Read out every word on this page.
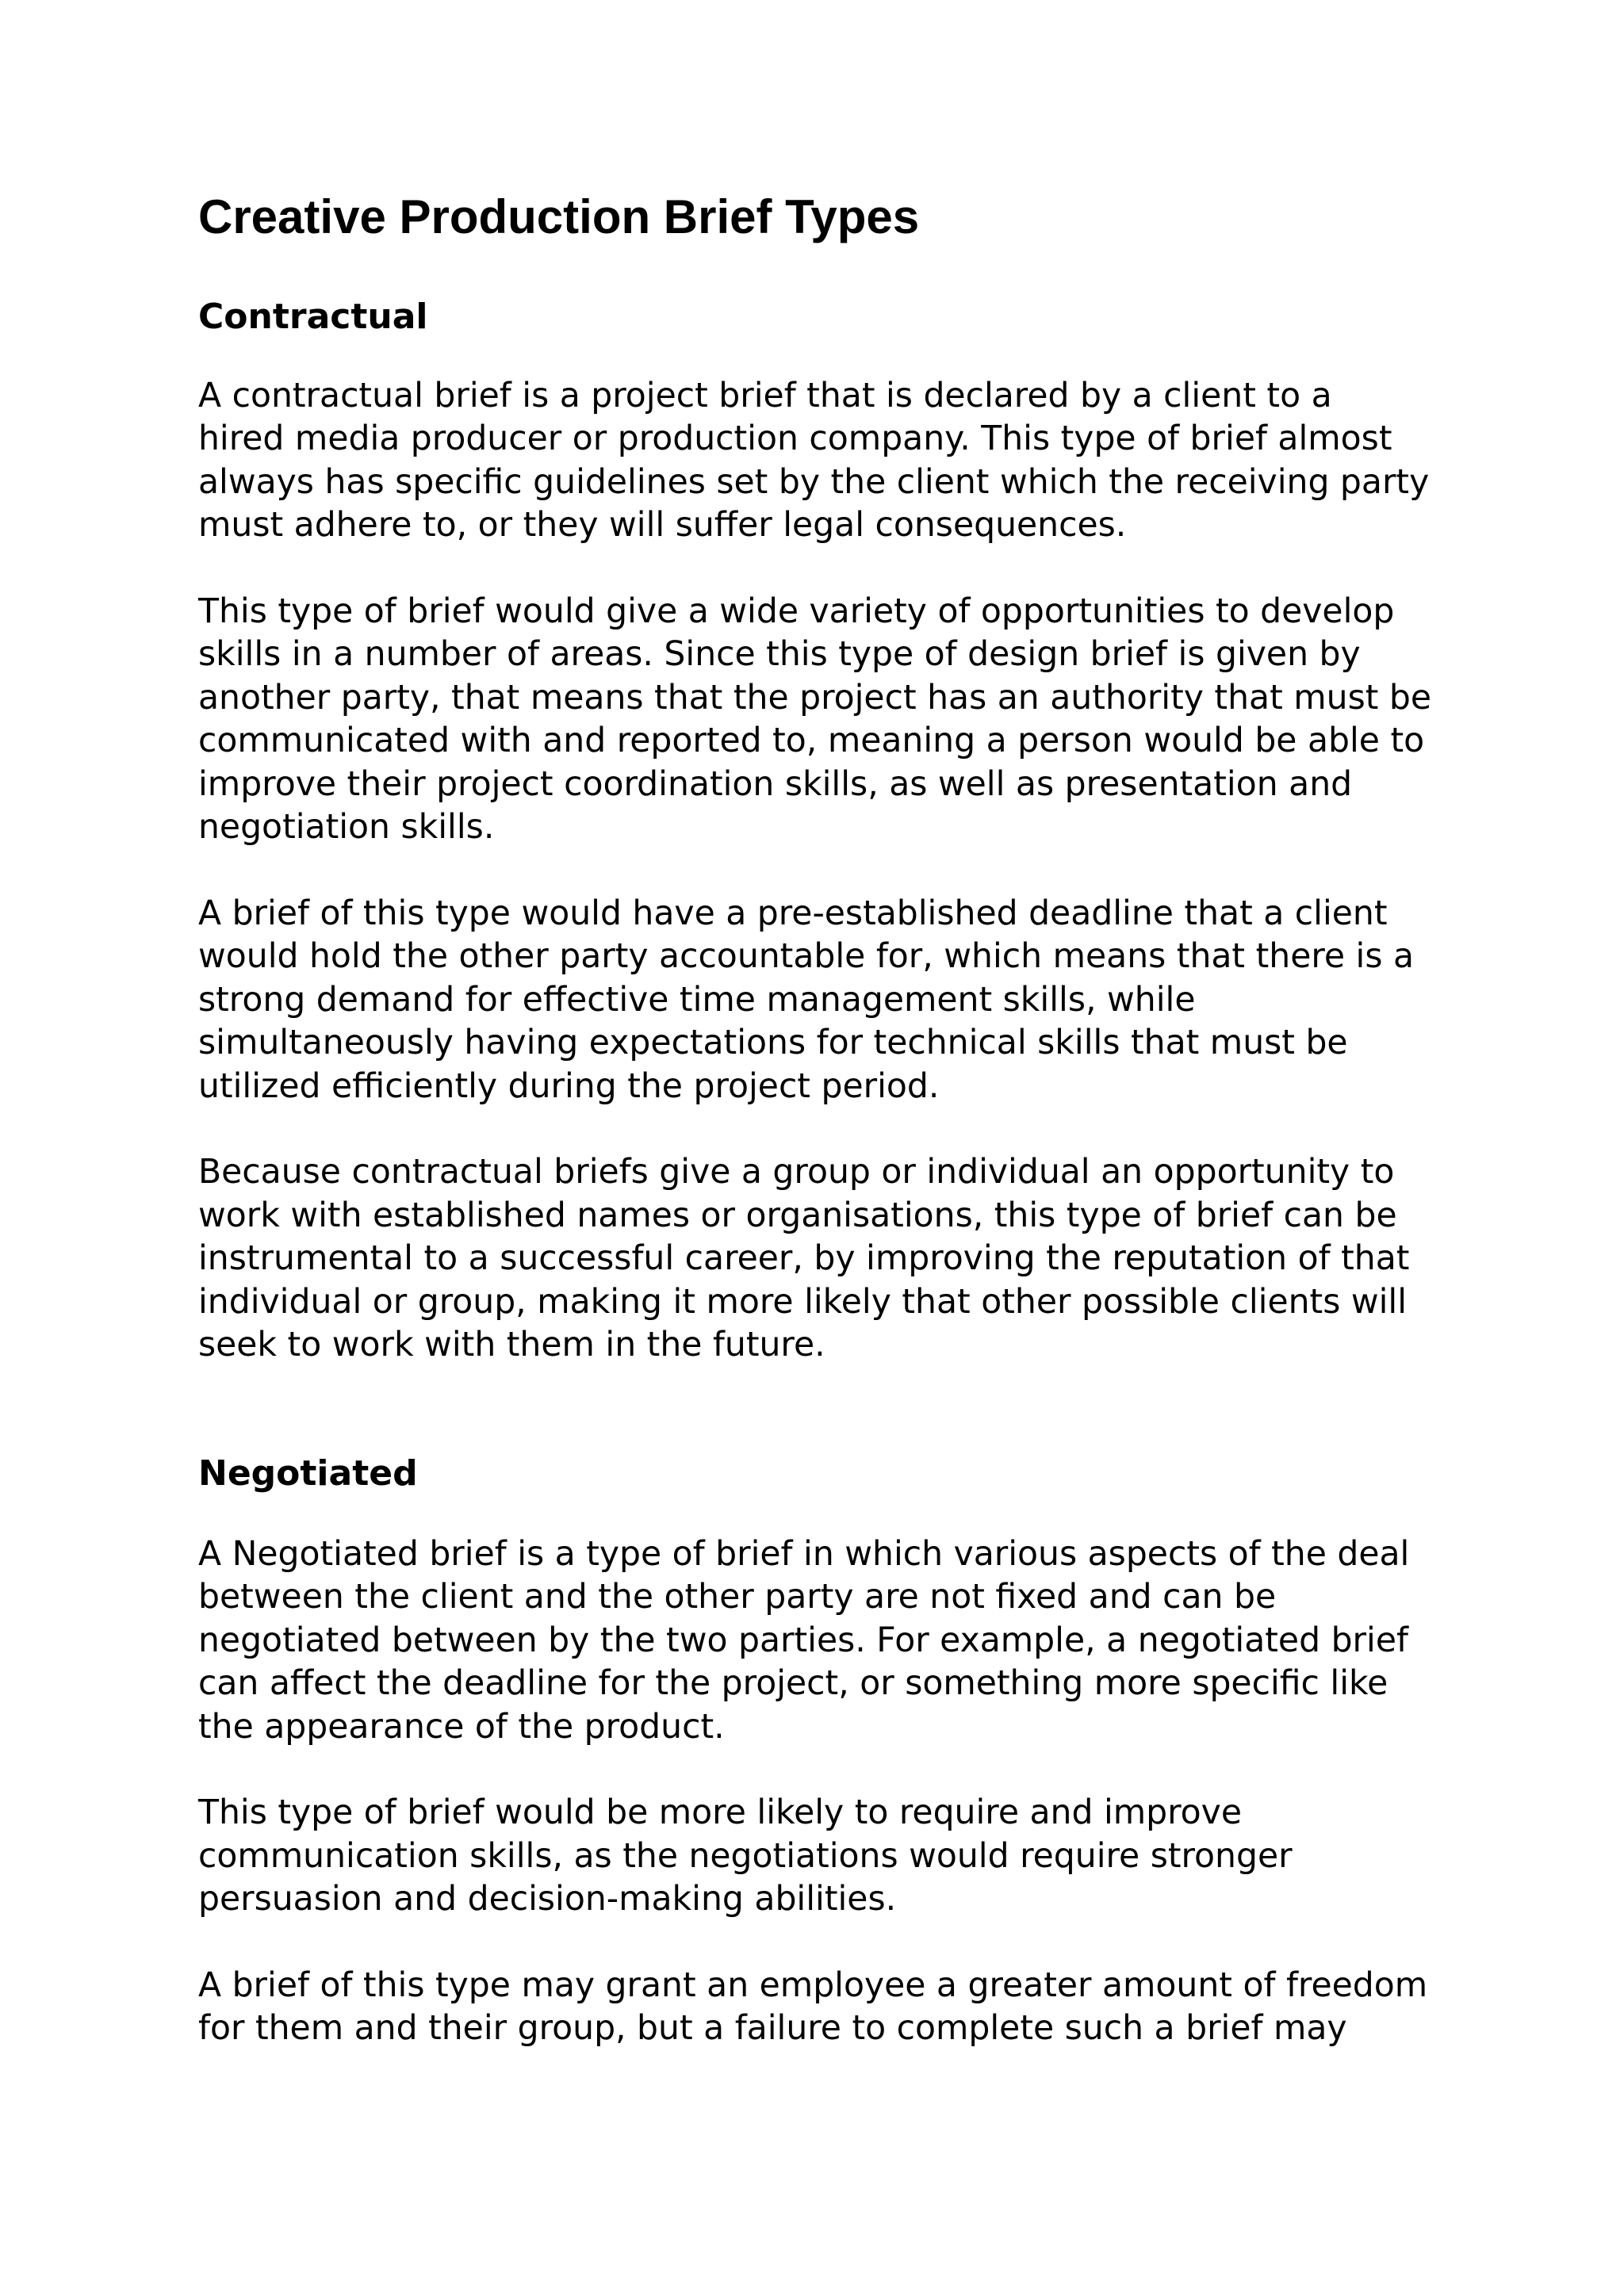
Creative Production Brief Types
Contractual

A contractual brief is a project brief that is declared by a client to a
hired media producer or production company. This type of brief almost
always has specific guidelines set by the client which the receiving party
must adhere to, or they will suffer legal consequences.

This type of brief would give a wide variety of opportunities to develop
skills in a number of areas. Since this type of design brief is given by
another party, that means that the project has an authority that must be
communicated with and reported to, meaning a person would be able to
improve their project coordination skills, as well as presentation and
negotiation skills.

A brief of this type would have a pre-established deadline that a client
would hold the other party accountable for, which means that there is a
strong demand for effective time management skills, while
simultaneously having expectations for technical skills that must be
utilized efficiently during the project period.

Because contractual briefs give a group or individual an opportunity to
work with established names or organisations, this type of brief can be
instrumental to a successful career, by improving the reputation of that
individual or group, making it more likely that other possible clients will
seek to work with them in the future.

Negotiated

A Negotiated brief is a type of brief in which various aspects of the deal
between the client and the other party are not fixed and can be
negotiated between by the two parties. For example, a negotiated brief
can affect the deadline for the project, or something more specific like
the appearance of the product.

This type of brief would be more likely to require and improve
communication skills, as the negotiations would require stronger
persuasion and decision-making abilities.

A brief of this type may grant an employee a greater amount of freedom
for them and their group, but a failure to complete such a brief may
